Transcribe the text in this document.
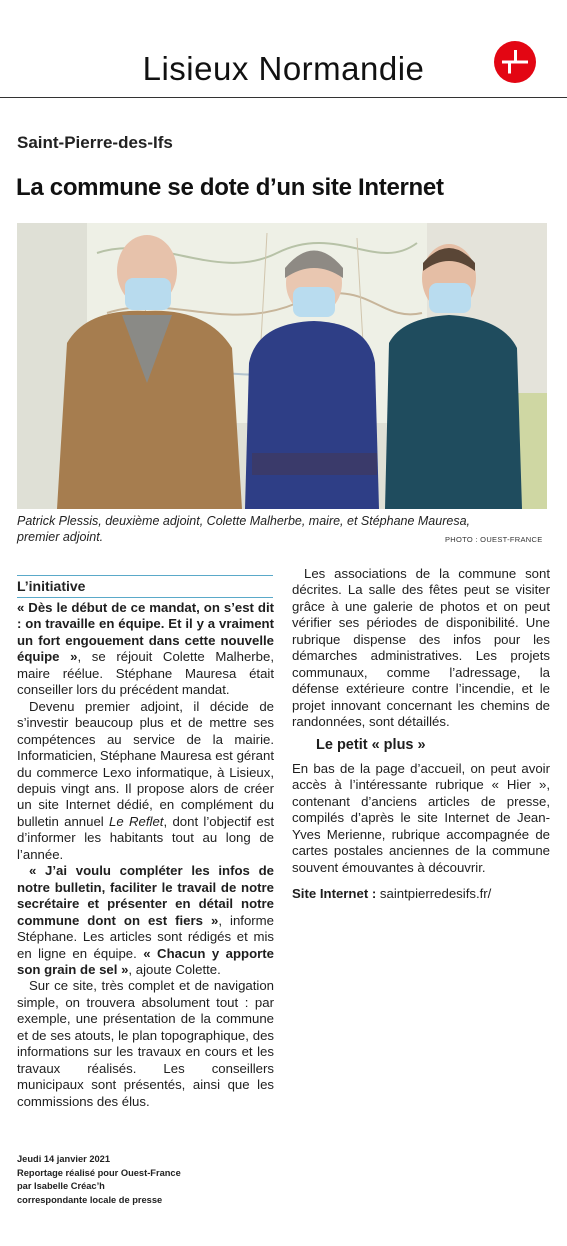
Lisieux Normandie
Saint-Pierre-des-Ifs
La commune se dote d’un site Internet
Patrick Plessis, deuxième adjoint, Colette Malherbe, maire, et Stéphane Mauresa,
premier adjoint.	PHOTO : OUEST-FRANCE
L’initiative

« Dès le début de ce mandat, on s’est dit : on travaille en équipe. Et il y a vraiment un fort engouement dans cette nouvelle équipe », se réjouit Colette Malherbe, maire réélue. Stéphane Mauresa était conseiller lors du précédent mandat.

Devenu premier adjoint, il décide de s’investir beaucoup plus et de mettre ses compétences au service de la mairie. Informaticien, Stéphane Mauresa est gérant du commerce Lexo informatique, à Lisieux, depuis vingt ans. Il propose alors de créer un site Internet dédié, en complément du bulletin annuel Le Reflet, dont l’objectif est d’informer les habitants tout au long de l’année.

« J’ai voulu compléter les infos de notre bulletin, faciliter le travail de notre secrétaire et présenter en détail notre commune dont on est fiers », informe Stéphane. Les articles sont rédigés et mis en ligne en équipe. « Chacun y apporte son grain de sel », ajoute Colette.

Sur ce site, très complet et de navigation simple, on trouvera absolument tout : par exemple, une présentation de la commune et de ses atouts, le plan topographique, des informations sur les travaux en cours et les travaux réalisés. Les conseillers municipaux sont présentés, ainsi que les commissions des élus.

Les associations de la commune sont décrites. La salle des fêtes peut se visiter grâce à une galerie de photos et on peut vérifier ses périodes de disponibilité. Une rubrique dispense des infos pour les démarches administratives. Les projets communaux, comme l’adressage, la défense extérieure contre l’incendie, et le projet innovant concernant les chemins de randonnées, sont détaillés.

Le petit « plus »

En bas de la page d’accueil, on peut avoir accès à l’intéressante rubrique « Hier », contenant d’anciens articles de presse, compilés d’après le site Internet de Jean-Yves Merienne, rubrique accompagnée de cartes postales anciennes de la commune souvent émouvantes à découvrir.

Site Internet : saintpierredesifs.fr/

Jeudi 14 janvier 2021
Reportage réalisé pour Ouest-France
par Isabelle Créac’h
correspondante locale de presse
